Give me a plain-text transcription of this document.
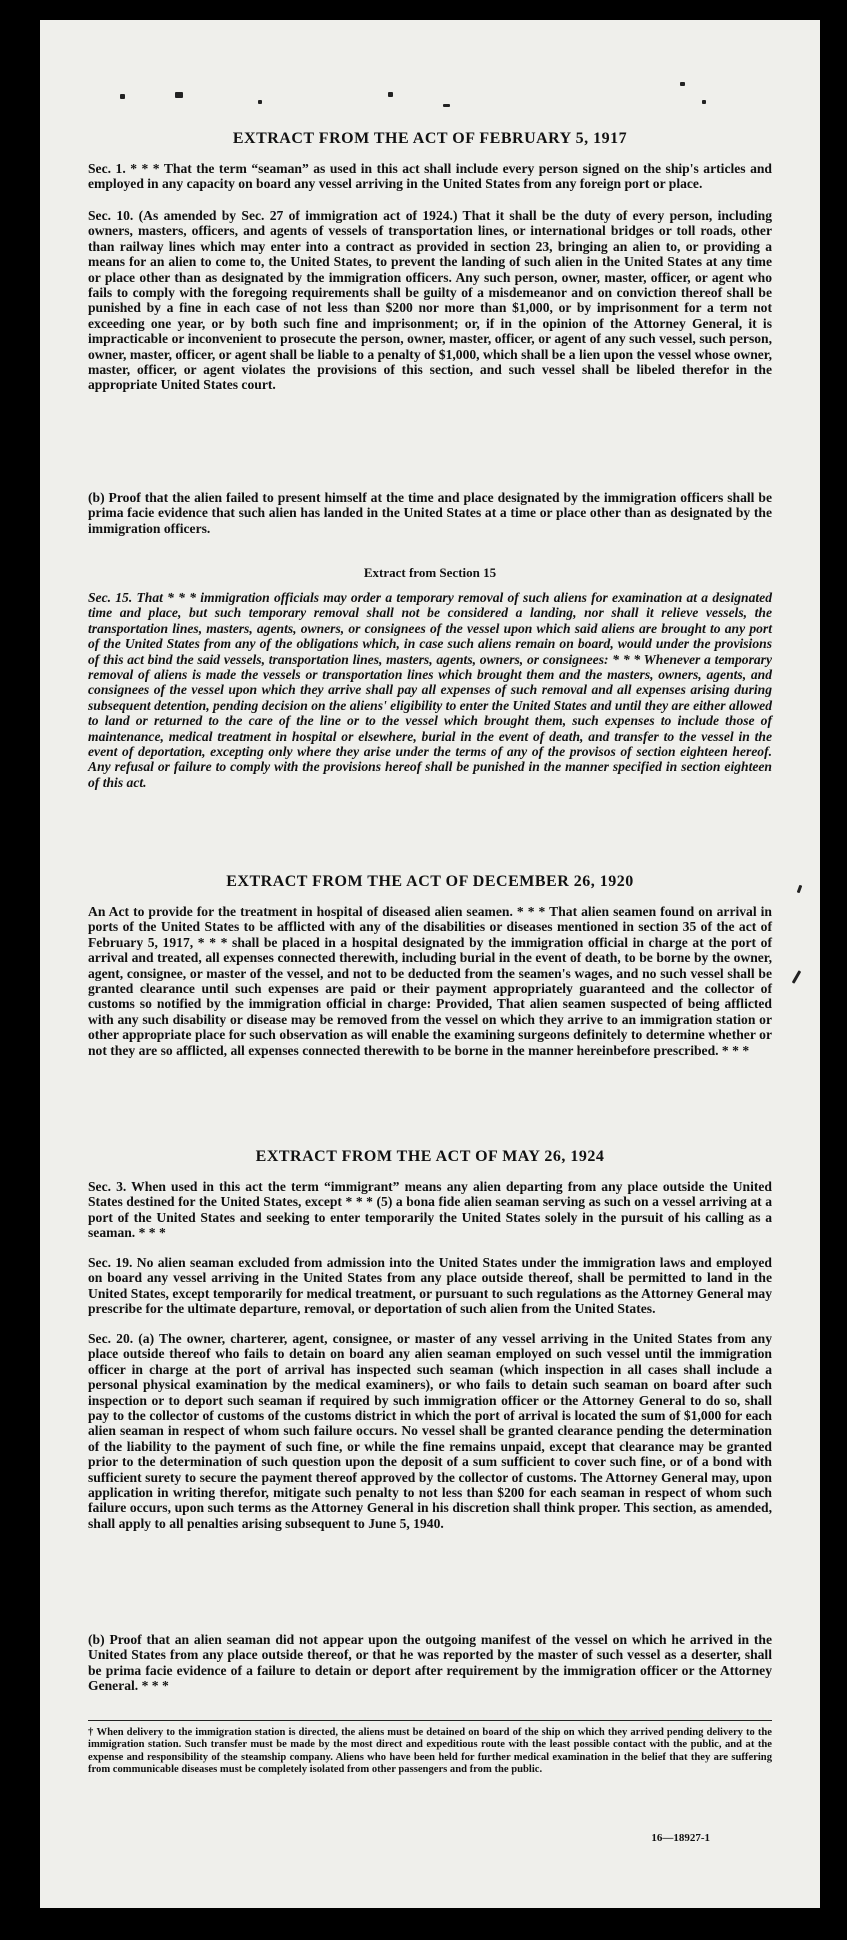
EXTRACT FROM THE ACT OF FEBRUARY 5, 1917

Sec. 1. * * * That the term “seaman” as used in this act shall include every person signed on the ship's articles and employed in any capacity on board any vessel arriving in the United States from any foreign port or place.

Sec. 10. (As amended by Sec. 27 of immigration act of 1924.) That it shall be the duty of every person, including owners, masters, officers, and agents of vessels of transportation lines, or international bridges or toll roads, other than railway lines which may enter into a contract as provided in section 23, bringing an alien to, or providing a means for an alien to come to, the United States, to prevent the landing of such alien in the United States at any time or place other than as designated by the immigration officers. Any such person, owner, master, officer, or agent who fails to comply with the foregoing requirements shall be guilty of a misdemeanor and on conviction thereof shall be punished by a fine in each case of not less than $200 nor more than $1,000, or by imprisonment for a term not exceeding one year, or by both such fine and imprisonment; or, if in the opinion of the Attorney General, it is impracticable or inconvenient to prosecute the person, owner, master, officer, or agent of any such vessel, such person, owner, master, officer, or agent shall be liable to a penalty of $1,000, which shall be a lien upon the vessel whose owner, master, officer, or agent violates the provisions of this section, and such vessel shall be libeled therefor in the appropriate United States court.

(b) Proof that the alien failed to present himself at the time and place designated by the immigration officers shall be prima facie evidence that such alien has landed in the United States at a time or place other than as designated by the immigration officers.

Extract from Section 15

Sec. 15. That * * * immigration officials may order a temporary removal of such aliens for examination at a designated time and place, but such temporary removal shall not be considered a landing, nor shall it relieve vessels, the transportation lines, masters, agents, owners, or consignees of the vessel upon which said aliens are brought to any port of the United States from any of the obligations which, in case such aliens remain on board, would under the provisions of this act bind the said vessels, transportation lines, masters, agents, owners, or consignees: * * * Whenever a temporary removal of aliens is made the vessels or transportation lines which brought them and the masters, owners, agents, and consignees of the vessel upon which they arrive shall pay all expenses of such removal and all expenses arising during subsequent detention, pending decision on the aliens' eligibility to enter the United States and until they are either allowed to land or returned to the care of the line or to the vessel which brought them, such expenses to include those of maintenance, medical treatment in hospital or elsewhere, burial in the event of death, and transfer to the vessel in the event of deportation, excepting only where they arise under the terms of any of the provisos of section eighteen hereof. Any refusal or failure to comply with the provisions hereof shall be punished in the manner specified in section eighteen of this act.

EXTRACT FROM THE ACT OF DECEMBER 26, 1920

An Act to provide for the treatment in hospital of diseased alien seamen. * * * That alien seamen found on arrival in ports of the United States to be afflicted with any of the disabilities or diseases mentioned in section 35 of the act of February 5, 1917, * * * shall be placed in a hospital designated by the immigration official in charge at the port of arrival and treated, all expenses connected therewith, including burial in the event of death, to be borne by the owner, agent, consignee, or master of the vessel, and not to be deducted from the seamen's wages, and no such vessel shall be granted clearance until such expenses are paid or their payment appropriately guaranteed and the collector of customs so notified by the immigration official in charge: Provided, That alien seamen suspected of being afflicted with any such disability or disease may be removed from the vessel on which they arrive to an immigration station or other appropriate place for such observation as will enable the examining surgeons definitely to determine whether or not they are so afflicted, all expenses connected therewith to be borne in the manner hereinbefore prescribed. * * *

EXTRACT FROM THE ACT OF MAY 26, 1924

Sec. 3. When used in this act the term “immigrant” means any alien departing from any place outside the United States destined for the United States, except * * * (5) a bona fide alien seaman serving as such on a vessel arriving at a port of the United States and seeking to enter temporarily the United States solely in the pursuit of his calling as a seaman. * * *

Sec. 19. No alien seaman excluded from admission into the United States under the immigration laws and employed on board any vessel arriving in the United States from any place outside thereof, shall be permitted to land in the United States, except temporarily for medical treatment, or pursuant to such regulations as the Attorney General may prescribe for the ultimate departure, removal, or deportation of such alien from the United States.

Sec. 20. (a) The owner, charterer, agent, consignee, or master of any vessel arriving in the United States from any place outside thereof who fails to detain on board any alien seaman employed on such vessel until the immigration officer in charge at the port of arrival has inspected such seaman (which inspection in all cases shall include a personal physical examination by the medical examiners), or who fails to detain such seaman on board after such inspection or to deport such seaman if required by such immigration officer or the Attorney General to do so, shall pay to the collector of customs of the customs district in which the port of arrival is located the sum of $1,000 for each alien seaman in respect of whom such failure occurs. No vessel shall be granted clearance pending the determination of the liability to the payment of such fine, or while the fine remains unpaid, except that clearance may be granted prior to the determination of such question upon the deposit of a sum sufficient to cover such fine, or of a bond with sufficient surety to secure the payment thereof approved by the collector of customs. The Attorney General may, upon application in writing therefor, mitigate such penalty to not less than $200 for each seaman in respect of whom such failure occurs, upon such terms as the Attorney General in his discretion shall think proper. This section, as amended, shall apply to all penalties arising subsequent to June 5, 1940.

(b) Proof that an alien seaman did not appear upon the outgoing manifest of the vessel on which he arrived in the United States from any place outside thereof, or that he was reported by the master of such vessel as a deserter, shall be prima facie evidence of a failure to detain or deport after requirement by the immigration officer or the Attorney General. * * *

† When delivery to the immigration station is directed, the aliens must be detained on board of the ship on which they arrived pending delivery to the immigration station. Such transfer must be made by the most direct and expeditious route with the least possible contact with the public, and at the expense and responsibility of the steamship company. Aliens who have been held for further medical examination in the belief that they are suffering from communicable diseases must be completely isolated from other passengers and from the public.

16—18927-1
